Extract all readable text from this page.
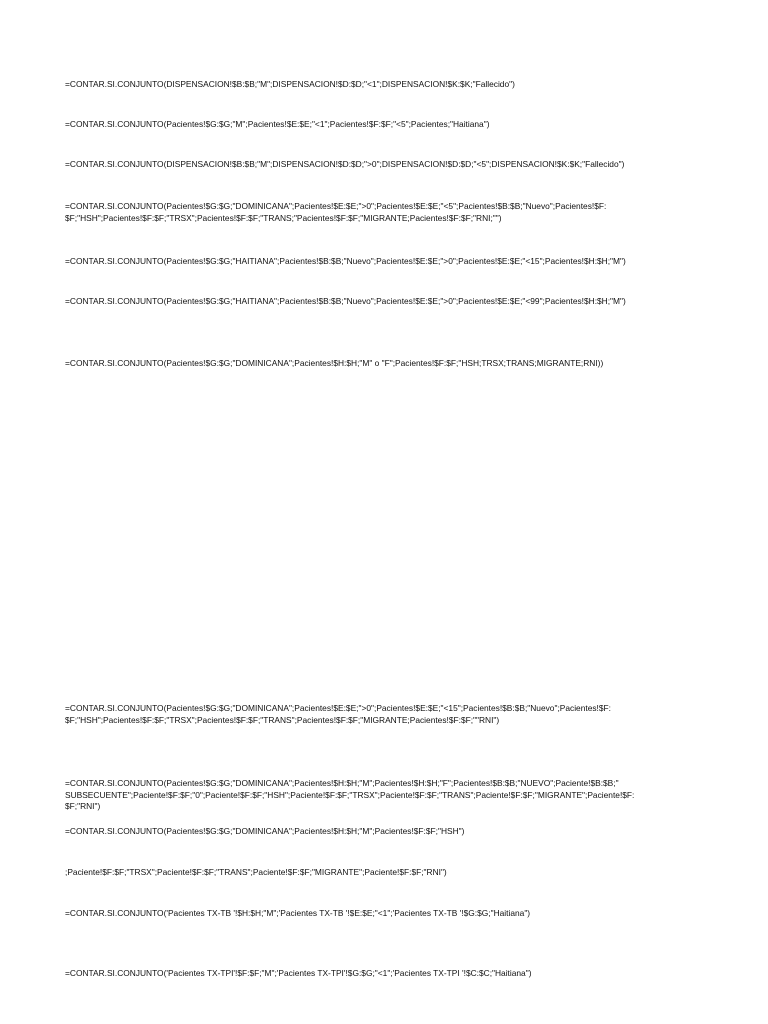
=CONTAR.SI.CONJUNTO(DISPENSACION!$B:$B;"M";DISPENSACION!$D:$D;"<1";DISPENSACION!$K:$K;"Fallecido")
=CONTAR.SI.CONJUNTO(Pacientes!$G:$G;"M";Pacientes!$E:$E;"<1";Pacientes!$F:$F;"<5";Pacientes;"Haitiana")
=CONTAR.SI.CONJUNTO(DISPENSACION!$B:$B;"M";DISPENSACION!$D:$D;">0";DISPENSACION!$D:$D;"<5";DISPENSACION!$K:$K;"Fallecido")
=CONTAR.SI.CONJUNTO(Pacientes!$G:$G;"DOMINICANA";Pacientes!$E:$E;">0";Pacientes!$E:$E;"<5";Pacientes!$B:$B;"Nuevo";Pacientes!$F:
$F;"HSH";Pacientes!$F:$F;"TRSX";Pacientes!$F:$F;"TRANS;"Pacientes!$F:$F;"MIGRANTE;Pacientes!$F:$F;"RNI;"")
=CONTAR.SI.CONJUNTO(Pacientes!$G:$G;"HAITIANA";Pacientes!$B:$B;"Nuevo";Pacientes!$E:$E;">0";Pacientes!$E:$E;"<15";Pacientes!$H:$H;"M")
=CONTAR.SI.CONJUNTO(Pacientes!$G:$G;"HAITIANA";Pacientes!$B:$B;"Nuevo";Pacientes!$E:$E;">0";Pacientes!$E:$E;"<99";Pacientes!$H:$H;"M")
=CONTAR.SI.CONJUNTO(Pacientes!$G:$G;"DOMINICANA";Pacientes!$H:$H;"M" o "F";Pacientes!$F:$F;"HSH;TRSX;TRANS;MIGRANTE;RNI))
=CONTAR.SI.CONJUNTO(Pacientes!$G:$G;"DOMINICANA";Pacientes!$E:$E;">0";Pacientes!$E:$E;"<15";Pacientes!$B:$B;"Nuevo";Pacientes!$F:
$F;"HSH";Pacientes!$F:$F;"TRSX";Pacientes!$F:$F;"TRANS";Pacientes!$F:$F;"MIGRANTE;Pacientes!$F:$F;""RNI")
=CONTAR.SI.CONJUNTO(Pacientes!$G:$G;"DOMINICANA";Pacientes!$H:$H;"M";Pacientes!$H:$H;"F";Pacientes!$B:$B;"NUEVO";Paciente!$B:$B;"
SUBSECUENTE";Paciente!$F:$F;"0";Paciente!$F:$F;"HSH";Paciente!$F:$F;"TRSX";Paciente!$F:$F;"TRANS";Paciente!$F:$F;"MIGRANTE";Paciente!$F:
$F;"RNI")
=CONTAR.SI.CONJUNTO(Pacientes!$G:$G;"DOMINICANA";Pacientes!$H:$H;"M";Pacientes!$F:$F;"HSH")
;Paciente!$F:$F;"TRSX";Paciente!$F:$F;"TRANS";Paciente!$F:$F;"MIGRANTE";Paciente!$F:$F;"RNI")
=CONTAR.SI.CONJUNTO('Pacientes TX-TB '!$H:$H;"M";'Pacientes TX-TB '!$E:$E;"<1";'Pacientes TX-TB '!$G:$G;"Haitiana")
=CONTAR.SI.CONJUNTO('Pacientes TX-TPI'!$F:$F;"M";'Pacientes TX-TPI'!$G:$G;"<1";'Pacientes TX-TPI '!$C:$C;"Haitiana")
